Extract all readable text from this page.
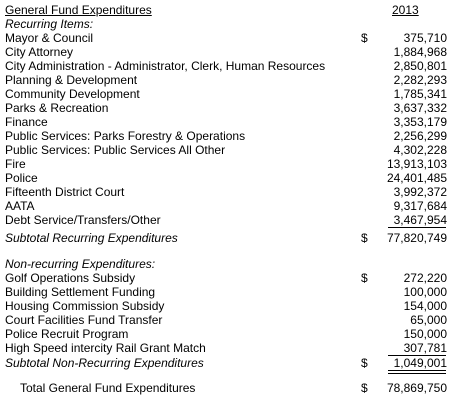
General Fund Expenditures	2013
Recurring Items:
Mayor & Council	$	375,710
City Attorney	1,884,968
City Administration - Administrator, Clerk, Human Resources	2,850,801
Planning & Development	2,282,293
Community Development	1,785,341
Parks & Recreation	3,637,332
Finance	3,353,179
Public Services: Parks Forestry & Operations	2,256,299
Public Services: Public Services All Other	4,302,228
Fire	13,913,103
Police	24,401,485
Fifteenth District Court	3,992,372
AATA	9,317,684
Debt Service/Transfers/Other	3,467,954
Subtotal Recurring Expenditures	$ 77,820,749
Non-recurring Expenditures:
Golf Operations Subsidy	$	272,220
Building Settlement Funding	100,000
Housing Commission Subsidy	154,000
Court Facilities Fund Transfer	65,000
Police Recruit Program	150,000
High Speed intercity Rail Grant Match	307,781
Subtotal Non-Recurring Expenditures	$ 1,049,001
Total General Fund Expenditures	$ 78,869,750
